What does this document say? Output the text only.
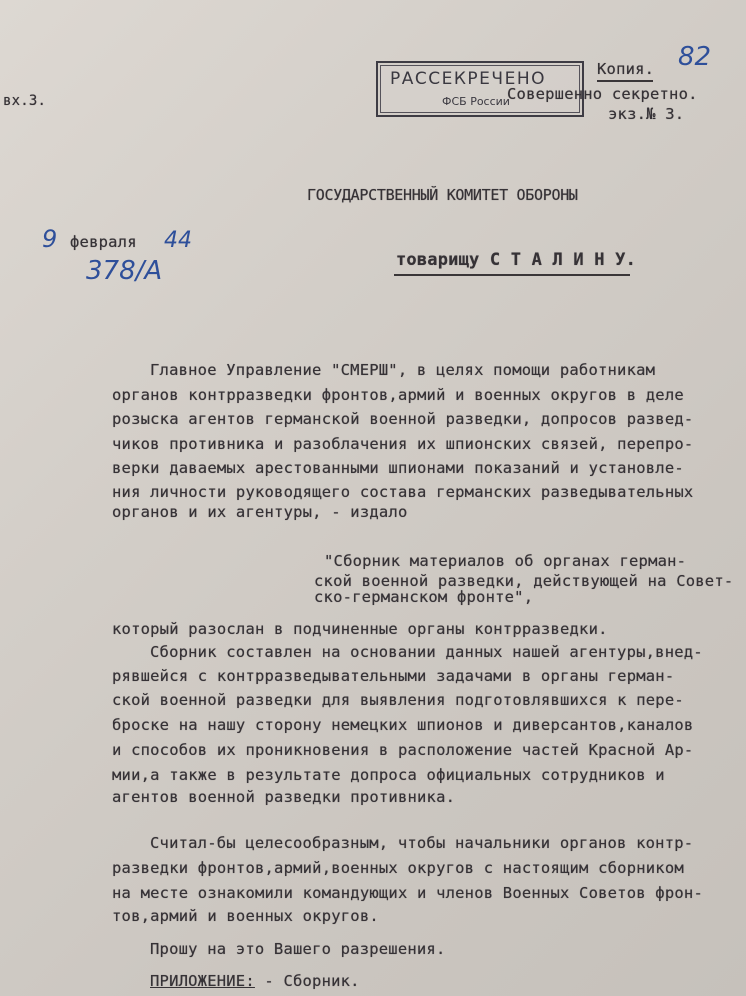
вх.3.
РАССЕКРЕЧЕНО
ФСБ России
Копия.
Совершенно секретно.
экз.№ 3.
82
ГОСУДАРСТВЕННЫЙ КОМИТЕТ ОБОРОНЫ
9 февраля 44
378/А	товарищу С Т А Л И Н У.
Главное Управление "СМЕРШ", в целях помощи работникам
органов контрразведки фронтов,армий и военных округов в деле
розыска агентов германской военной разведки, допросов развед-
чиков противника и разоблачения их шпионских связей, перепро-
верки даваемых арестованными шпионами показаний и установле-
ния личности руководящего состава германских разведывательных
органов и их агентуры, - издало
"Сборник материалов об органах герман-
ской военной разведки, действующей на Совет-
ско-германском фронте",
который разослан в подчиненные органы контрразведки.
Сборник составлен на основании данных нашей агентуры,внед-
рявшейся с контрразведывательными задачами в органы герман-
ской военной разведки для выявления подготовлявшихся к пере-
броске на нашу сторону немецких шпионов и диверсантов,каналов
и способов их проникновения в расположение частей Красной Ар-
мии,а также в результате допроса официальных сотрудников и
агентов военной разведки противника.
Считал-бы целесообразным, чтобы начальники органов контр-
разведки фронтов,армий,военных округов с настоящим сборником
на месте ознакомили командующих и членов Военных Советов фрон-
тов,армий и военных округов.
Прошу на это Вашего разрешения.
ПРИЛОЖЕНИЕ: - Сборник.
